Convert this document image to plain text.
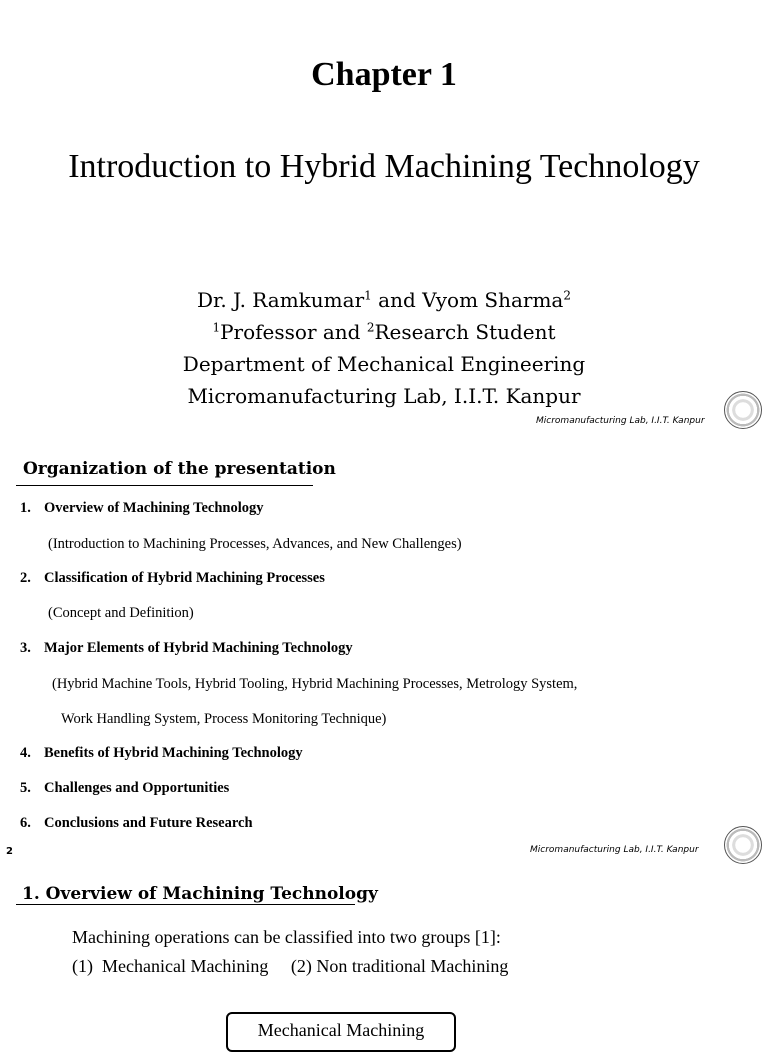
Chapter 1
Introduction to Hybrid Machining Technology
Dr. J. Ramkumar$^1$ and Vyom Sharma$^2$
$^1$Professor and $^2$Research Student
Department of Mechanical Engineering
Micromanufacturing Lab, I.I.T. Kanpur
Micromanufacturing Lab, I.I.T. Kanpur
Organization of the presentation
1. Overview of Machining Technology
(Introduction to Machining Processes, Advances, and New Challenges)
2. Classification of Hybrid Machining Processes
(Concept and Definition)
3. Major Elements of Hybrid Machining Technology
(Hybrid Machine Tools, Hybrid Tooling, Hybrid Machining Processes, Metrology System,
Work Handling System, Process Monitoring Technique)
4. Benefits of Hybrid Machining Technology
5. Challenges and Opportunities
6. Conclusions and Future Research
2	Micromanufacturing Lab, I.I.T. Kanpur
1. Overview of Machining Technology
Machining operations can be classified into two groups [1]:
(1)  Mechanical Machining     (2) Non traditional Machining
Mechanical Machining
